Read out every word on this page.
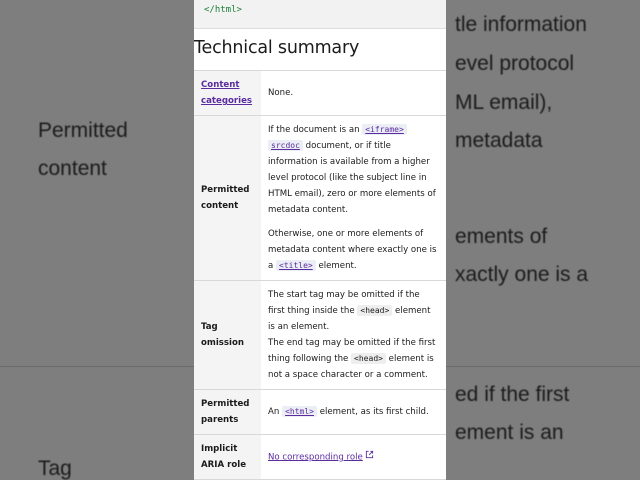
tle information
evel protocol
ML email),
metadata
Permitted
content
ements of
xactly one is a
ed if the first
ement is an
Tag
</html>
Technical summary
Content categories	None.
Permitted content	If the document is an <iframe> srcdoc document, or if title information is available from a higher level protocol (like the subject line in HTML email), zero or more elements of metadata content.

Otherwise, one or more elements of metadata content where exactly one is a <title> element.

Tag omission	The start tag may be omitted if the first thing inside the <head> element is an element.

The end tag may be omitted if the first thing following the <head> element is not a space character or a comment.

Permitted parents	An <html> element, as its first child.
Implicit ARIA role	No corresponding role
